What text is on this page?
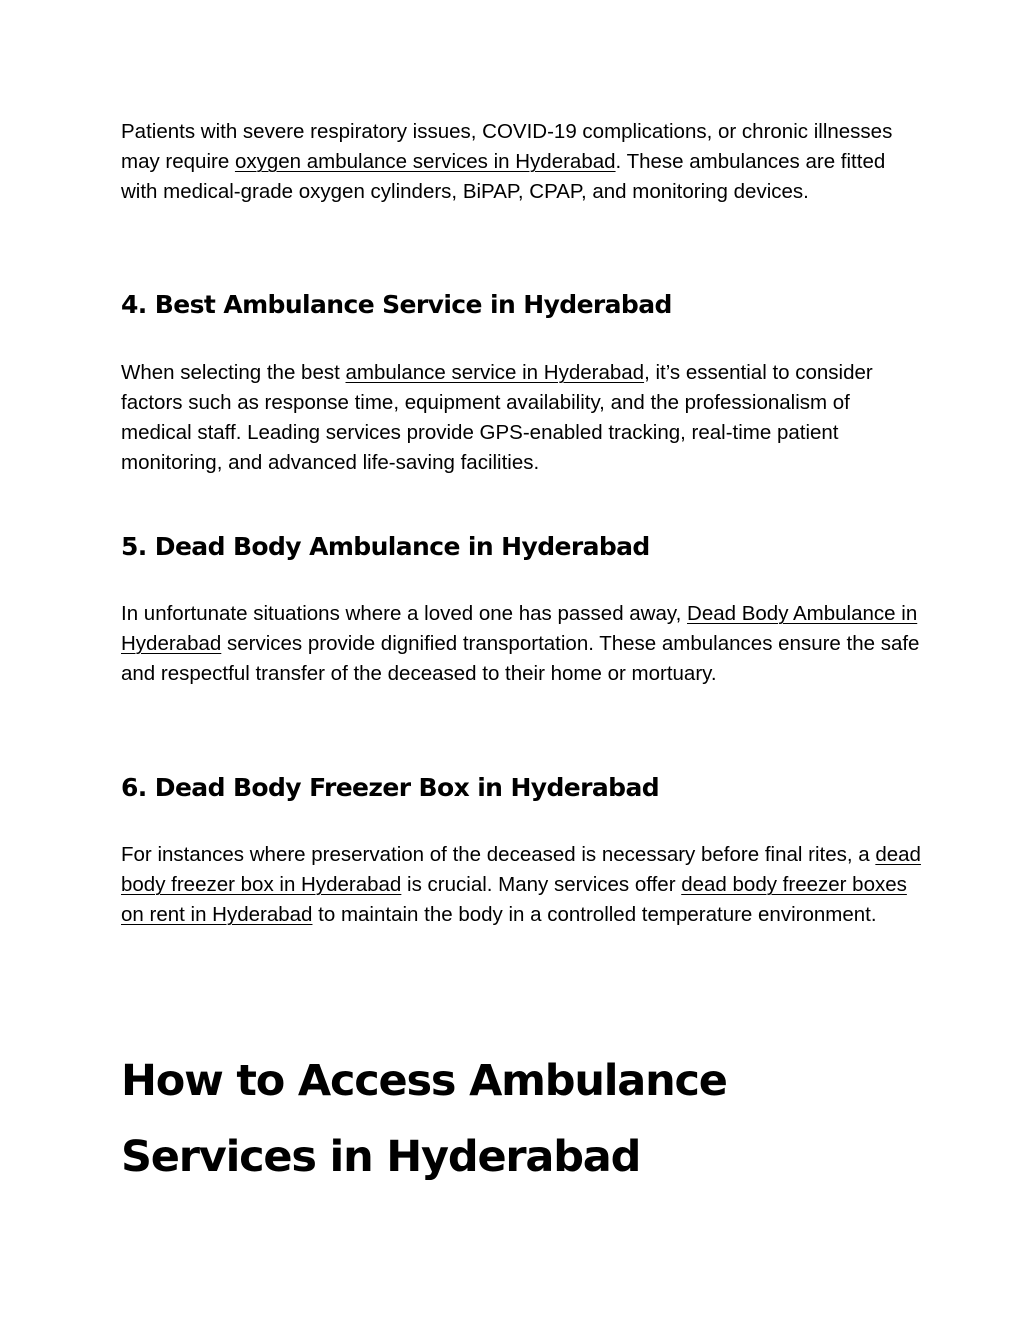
Patients with severe respiratory issues, COVID-19 complications, or chronic illnesses may require oxygen ambulance services in Hyderabad. These ambulances are fitted with medical-grade oxygen cylinders, BiPAP, CPAP, and monitoring devices.

4. Best Ambulance Service in Hyderabad

When selecting the best ambulance service in Hyderabad, it’s essential to consider factors such as response time, equipment availability, and the professionalism of medical staff. Leading services provide GPS-enabled tracking, real-time patient monitoring, and advanced life-saving facilities.

5. Dead Body Ambulance in Hyderabad

In unfortunate situations where a loved one has passed away, Dead Body Ambulance in Hyderabad services provide dignified transportation. These ambulances ensure the safe and respectful transfer of the deceased to their home or mortuary.

6. Dead Body Freezer Box in Hyderabad

For instances where preservation of the deceased is necessary before final rites, a dead body freezer box in Hyderabad is crucial. Many services offer dead body freezer boxes on rent in Hyderabad to maintain the body in a controlled temperature environment.

How to Access Ambulance Services in Hyderabad
